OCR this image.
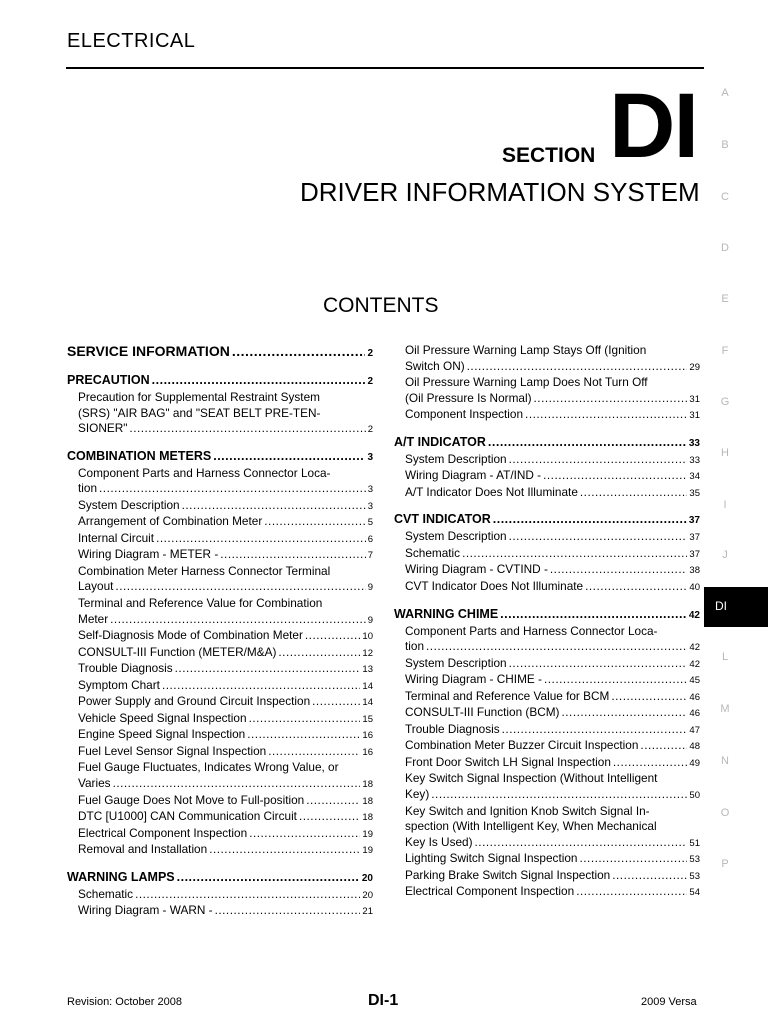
ELECTRICAL
SECTION DI
DRIVER INFORMATION SYSTEM
CONTENTS
SERVICE INFORMATION .....	2
PRECAUTION .....	2
Precaution for Supplemental Restraint System
(SRS) "AIR BAG" and "SEAT BELT PRE-TEN-
SIONER" .....	2
COMBINATION METERS .....	3
Component Parts and Harness Connector Loca-
tion .....	3
System Description .....	3
Arrangement of Combination Meter .....	5
Internal Circuit .....	6
Wiring Diagram - METER - .....	7
Combination Meter Harness Connector Terminal
Layout .....	9
Terminal and Reference Value for Combination
Meter .....	9
Self-Diagnosis Mode of Combination Meter .....	10
CONSULT-III Function (METER/M&A) .....	12
Trouble Diagnosis .....	13
Symptom Chart .....	14
Power Supply and Ground Circuit Inspection .....	14
Vehicle Speed Signal Inspection .....	15
Engine Speed Signal Inspection .....	16
Fuel Level Sensor Signal Inspection .....	16
Fuel Gauge Fluctuates, Indicates Wrong Value, or
Varies .....	18
Fuel Gauge Does Not Move to Full-position .....	18
DTC [U1000] CAN Communication Circuit .....	18
Electrical Component Inspection .....	19
Removal and Installation .....	19
WARNING LAMPS .....	20
Schematic .....	20
Wiring Diagram - WARN - .....	21
Oil Pressure Warning Lamp Stays Off (Ignition
Switch ON) .....	29
Oil Pressure Warning Lamp Does Not Turn Off
(Oil Pressure Is Normal) .....	31
Component Inspection .....	31
A/T INDICATOR .....	33
System Description .....	33
Wiring Diagram - AT/IND - .....	34
A/T Indicator Does Not Illuminate .....	35
CVT INDICATOR .....	37
System Description .....	37
Schematic .....	37
Wiring Diagram - CVTIND - .....	38
CVT Indicator Does Not Illuminate .....	40
WARNING CHIME .....	42
Component Parts and Harness Connector Loca-
tion .....	42
System Description .....	42
Wiring Diagram - CHIME - .....	45
Terminal and Reference Value for BCM .....	46
CONSULT-III Function (BCM) .....	46
Trouble Diagnosis .....	47
Combination Meter Buzzer Circuit Inspection .....	48
Front Door Switch LH Signal Inspection .....	49
Key Switch Signal Inspection (Without Intelligent
Key) .....	50
Key Switch and Ignition Knob Switch Signal In-
spection (With Intelligent Key, When Mechanical
Key Is Used) .....	51
Lighting Switch Signal Inspection .....	53
Parking Brake Switch Signal Inspection .....	53
Electrical Component Inspection .....	54
Revision: October 2008	DI-1	2009 Versa
A
B
C
D
E
F
G
H
I
J
DI
L
M
N
O
P
